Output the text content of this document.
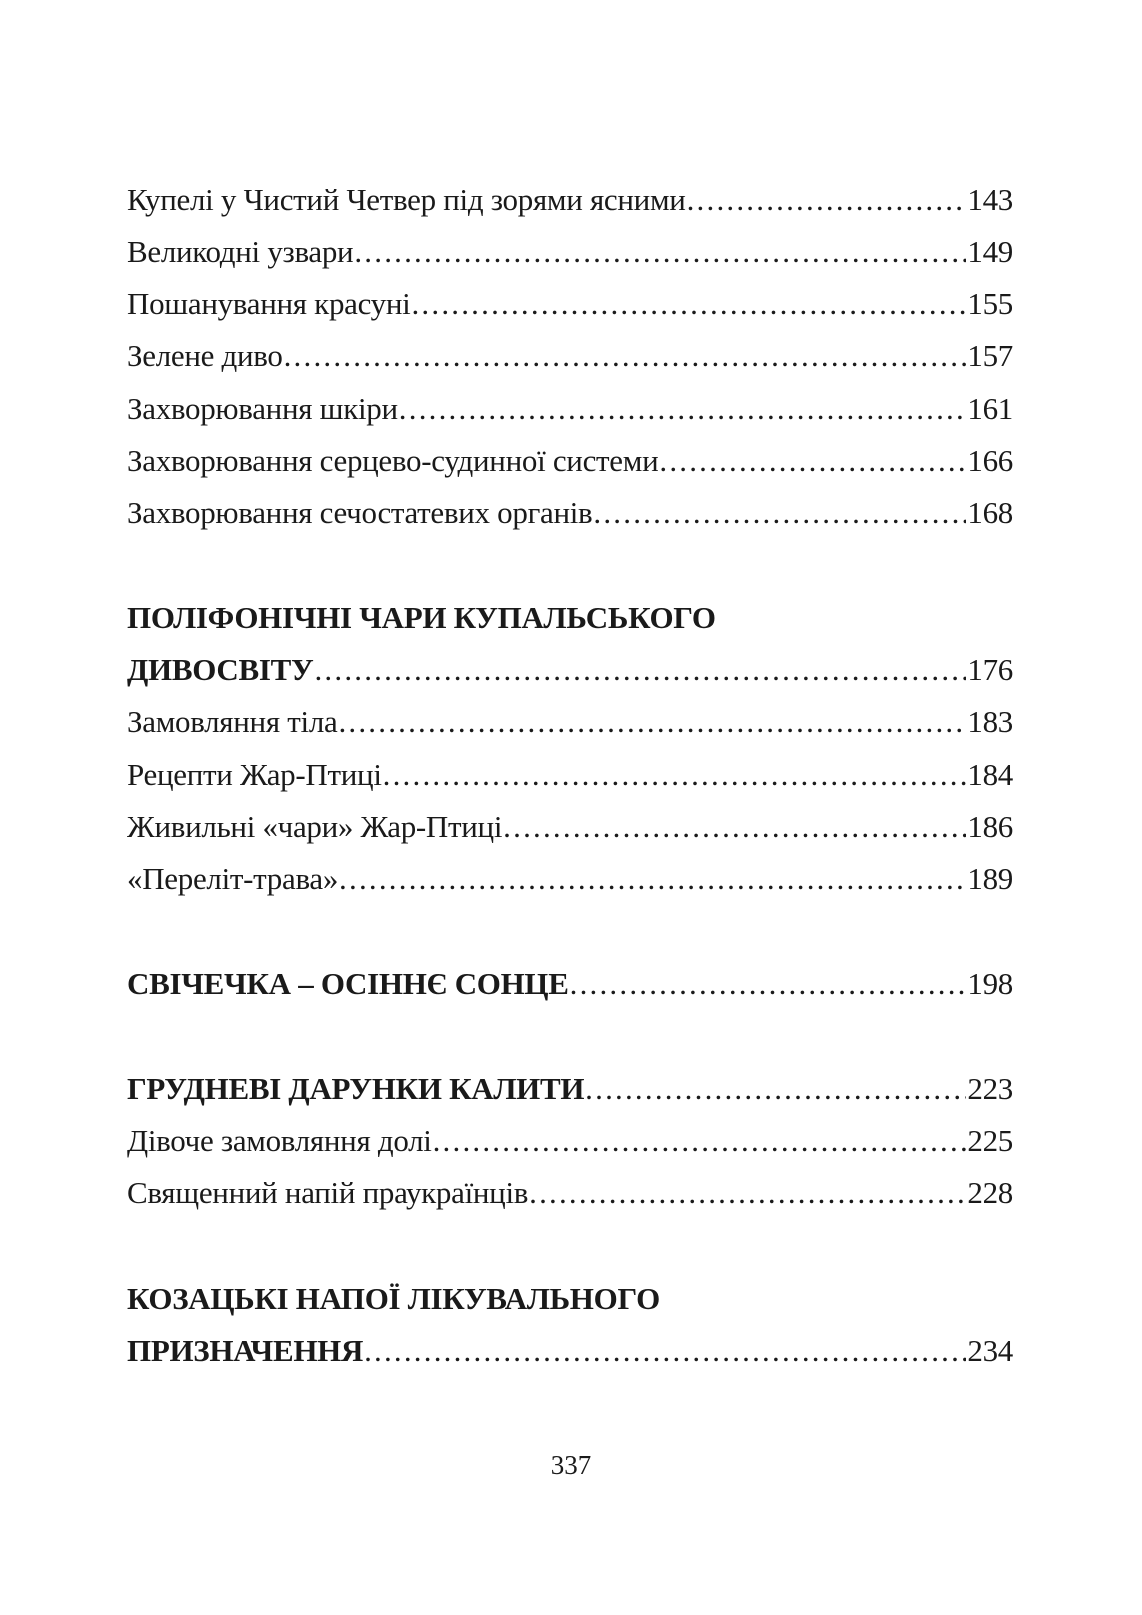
Купелі у Чистий Четвер під зорями ясними .....	143
Великодні узвари .....	149
Пошанування красуні .....	155
Зелене диво .....	157
Захворювання шкіри .....	161
Захворювання серцево-судинної системи .....	166
Захворювання сечостатевих органів .....	168
ПОЛІФОНІЧНІ ЧАРИ КУПАЛЬСЬКОГО
ДИВОСВІТУ .....	176
Замовляння тіла .....	183
Рецепти Жар-Птиці .....	184
Живильні «чари» Жар-Птиці .....	186
«Переліт-трава» .....	189
СВІЧЕЧКА – ОСІННЄ СОНЦЕ .....	198
ГРУДНЕВІ ДАРУНКИ КАЛИТИ .....	223
Дівоче замовляння долі .....	225
Священний напій праукраїнців .....	228
КОЗАЦЬКІ НАПОЇ ЛІКУВАЛЬНОГО
ПРИЗНАЧЕННЯ .....	234
337
